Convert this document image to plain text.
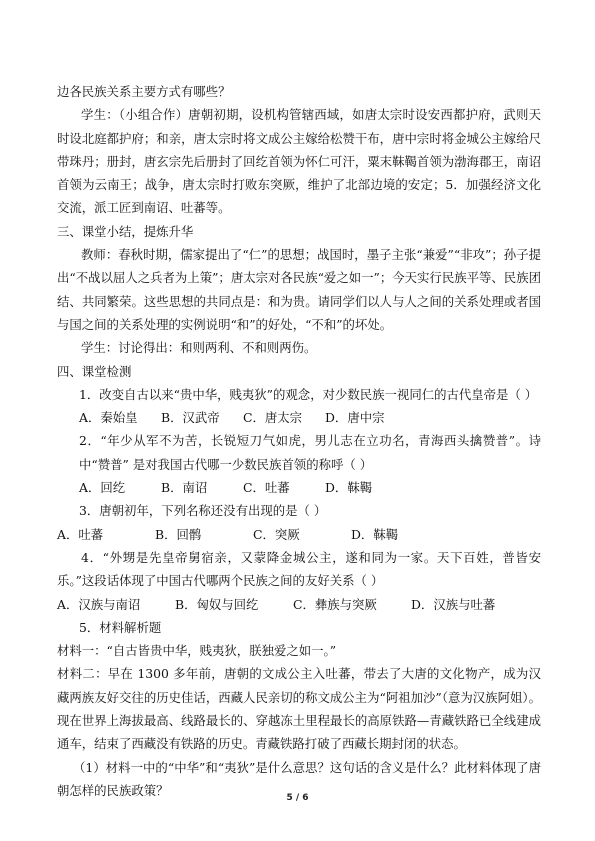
边各民族关系主要方式有哪些？

学生：（小组合作）唐朝初期，设机构管辖西域，如唐太宗时设安西都护府，武则天时设北庭都护府；和亲，唐太宗时将文成公主嫁给松赞干布，唐中宗时将金城公主嫁给尺带珠丹；册封，唐玄宗先后册封了回纥首领为怀仁可汗，粟末靺鞨首领为渤海郡王，南诏首领为云南王；战争，唐太宗时打败东突厥，维护了北部边境的安定；5．加强经济文化交流，派工匠到南诏、吐蕃等。

三、课堂小结，提炼升华

教师：春秋时期，儒家提出了“仁”的思想；战国时，墨子主张“兼爱”“非攻”；孙子提出“不战以屈人之兵者为上策”；唐太宗对各民族“爱之如一”；今天实行民族平等、民族团结、共同繁荣。这些思想的共同点是：和为贵。请同学们以人与人之间的关系处理或者国与国之间的关系处理的实例说明“和”的好处，“不和”的坏处。

学生：讨论得出：和则两利、不和则两伤。

四、课堂检测

1．改变自古以来“贵中华，贱夷狄”的观念，对少数民族一视同仁的古代皇帝是（ ）

A．秦始皇	B．汉武帝	C．唐太宗	D．唐中宗

2．“年少从军不为苦，长锐短刀气如虎，男儿志在立功名，青海西头擒赞普”。诗中“赞普” 是对我国古代哪一少数民族首领的称呼（ ）

A．回纥	B．南诏	C．吐蕃	D．靺鞨

3．唐朝初年，下列名称还没有出现的是（ ）

A．吐蕃	B．回鹘	C．突厥	D．靺鞨

4．“外甥是先皇帝舅宿亲，又蒙降金城公主，遂和同为一家。天下百姓，普皆安乐。”这段话体现了中国古代哪两个民族之间的友好关系（ ）

A．汉族与南诏	B．匈奴与回纥	C．彝族与突厥	D．汉族与吐蕃

5．材料解析题

材料一：“自古皆贵中华，贱夷狄，朕独爱之如一。”

材料二：早在 1300 多年前，唐朝的文成公主入吐蕃，带去了大唐的文化物产，成为汉藏两族友好交往的历史佳话，西藏人民亲切的称文成公主为“阿祖加沙”（意为汉族阿姐）。现在世界上海拔最高、线路最长的、穿越冻土里程最长的高原铁路—青藏铁路已全线建成通车，结束了西藏没有铁路的历史。青藏铁路打破了西藏长期封闭的状态。

（1）材料一中的“中华”和“夷狄”是什么意思？这句话的含义是什么？此材料体现了唐朝怎样的民族政策？

5 / 6
